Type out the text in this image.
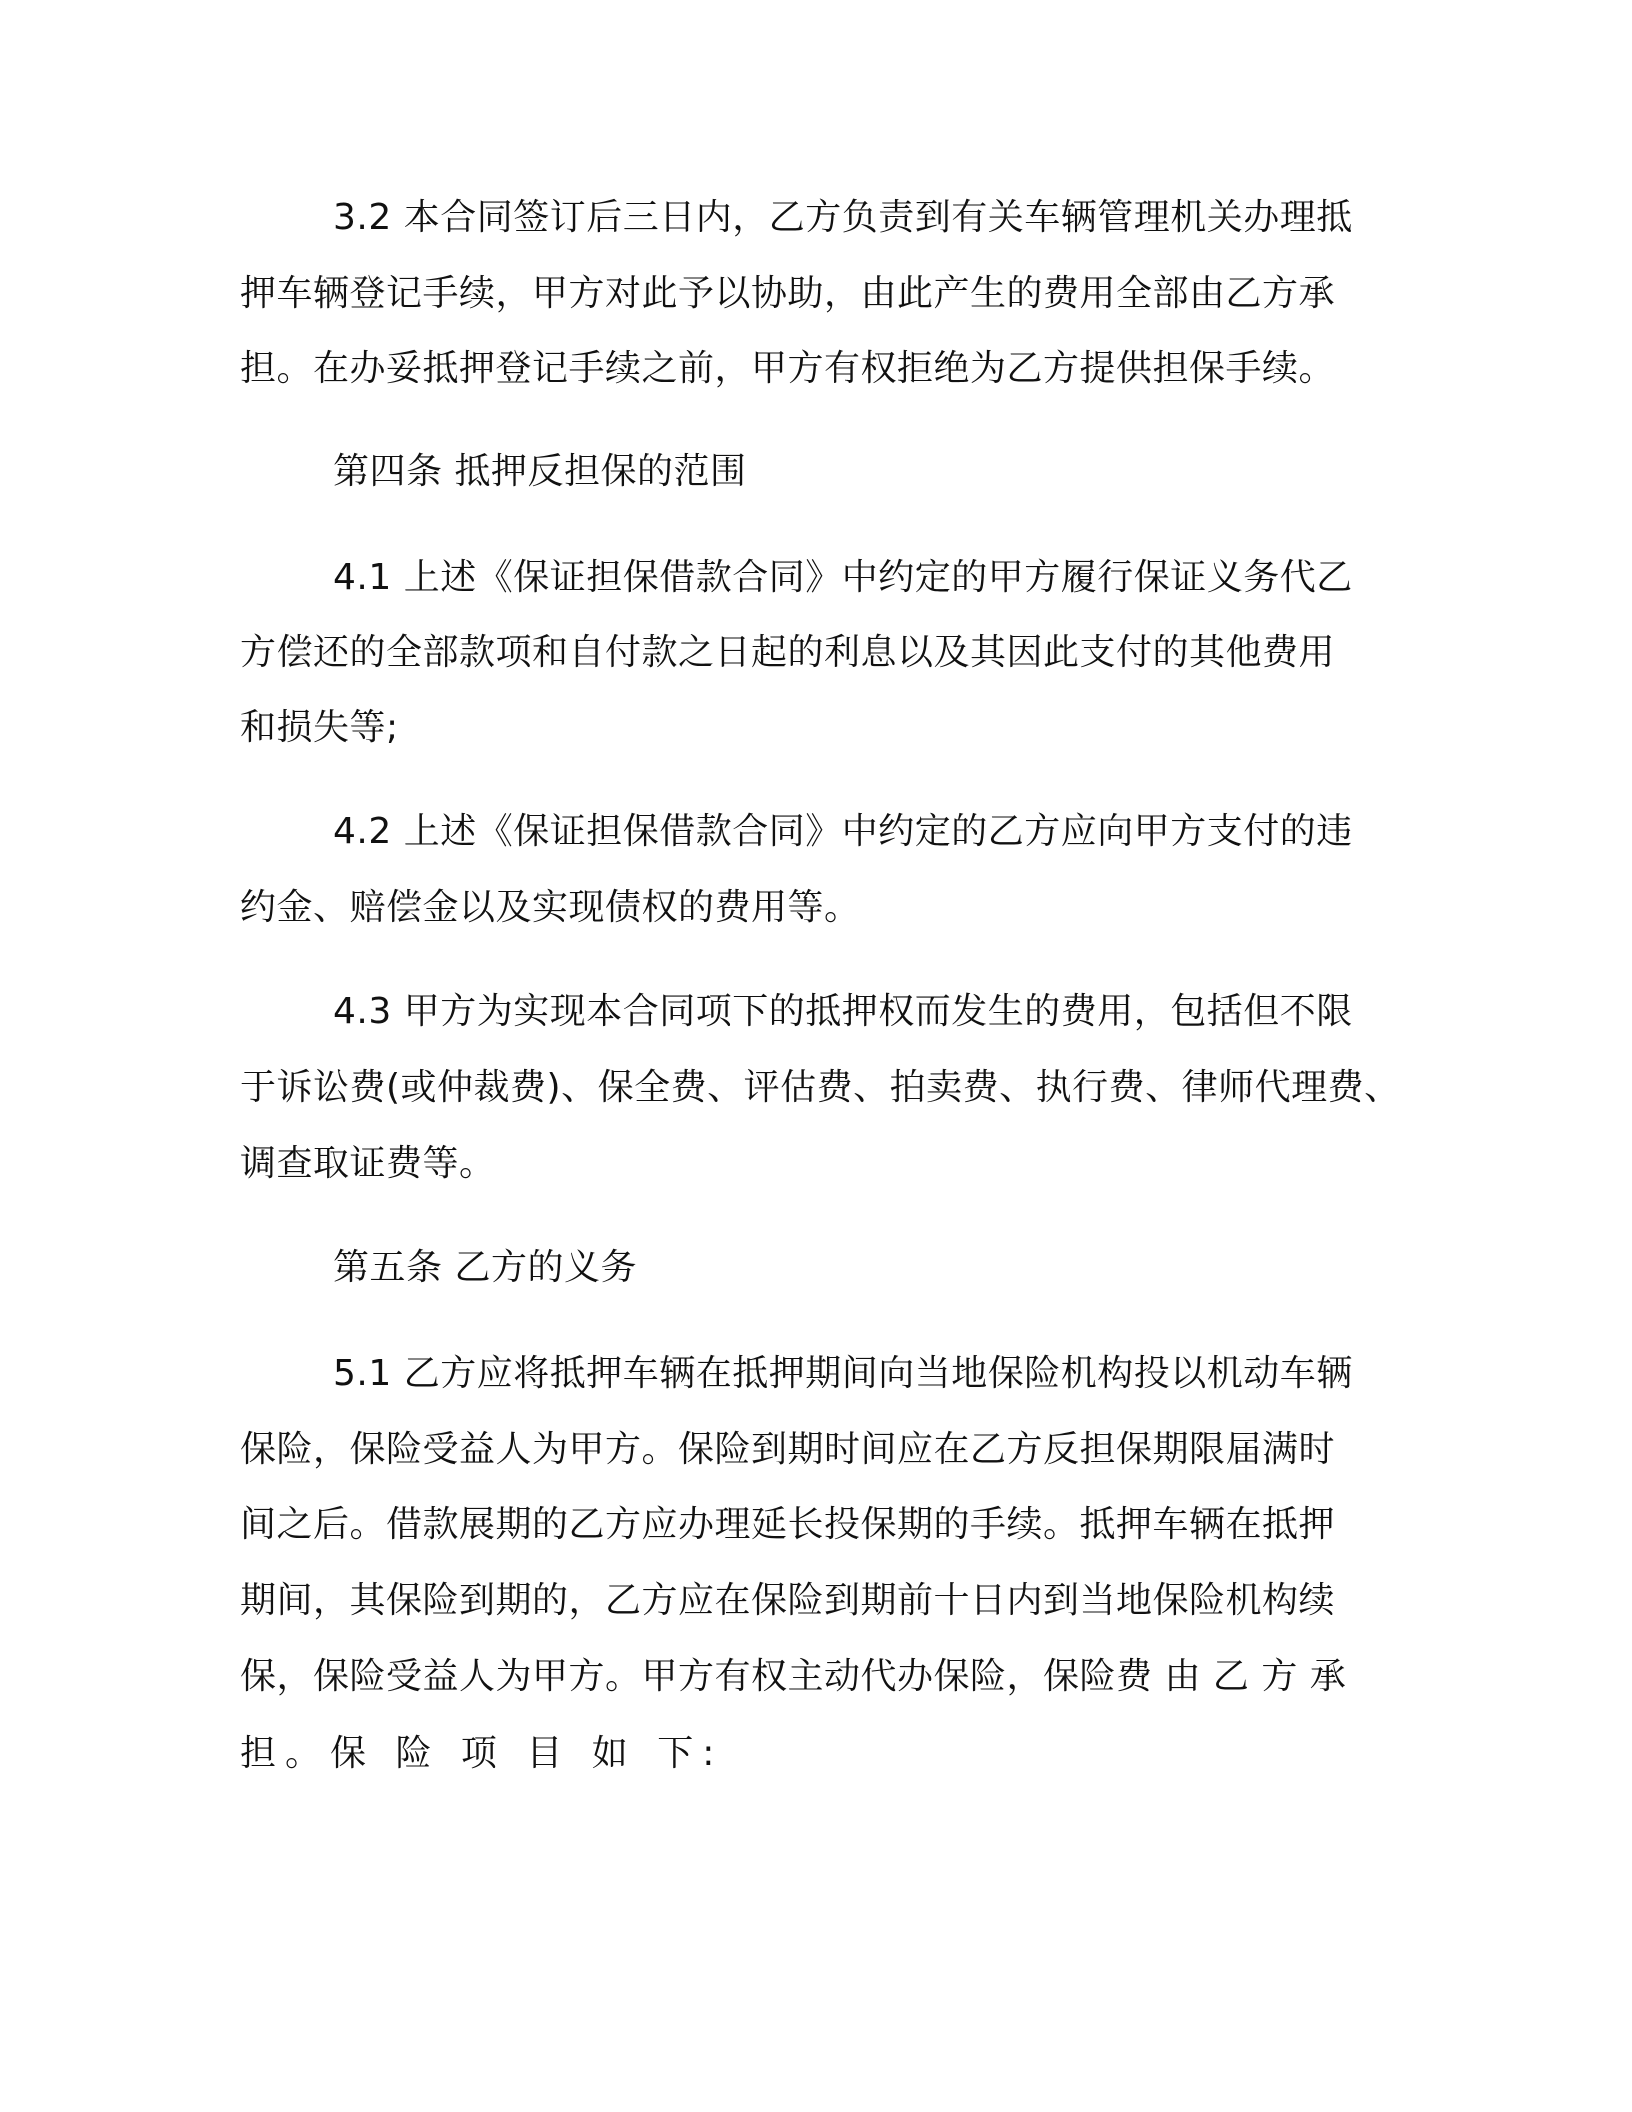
3.2 本合同签订后三日内，乙方负责到有关车辆管理机关办理抵
押车辆登记手续，甲方对此予以协助，由此产生的费用全部由乙方承
担。在办妥抵押登记手续之前，甲方有权拒绝为乙方提供担保手续。
第四条 抵押反担保的范围
4.1 上述《保证担保借款合同》中约定的甲方履行保证义务代乙
方偿还的全部款项和自付款之日起的利息以及其因此支付的其他费用
和损失等;
4.2 上述《保证担保借款合同》中约定的乙方应向甲方支付的违
约金、赔偿金以及实现债权的费用等。
4.3 甲方为实现本合同项下的抵押权而发生的费用，包括但不限
于诉讼费(或仲裁费)、保全费、评估费、拍卖费、执行费、律师代理费、
调查取证费等。
第五条 乙方的义务
5.1 乙方应将抵押车辆在抵押期间向当地保险机构投以机动车辆
保险，保险受益人为甲方。保险到期时间应在乙方反担保期限届满时
间之后。借款展期的乙方应办理延长投保期的手续。抵押车辆在抵押
期间，其保险到期的，乙方应在保险到期前十日内到当地保险机构续
保，保险受益人为甲方。甲方有权主动代办保险，保险费 由 乙 方 承
担。保 险 项 目 如 下:
